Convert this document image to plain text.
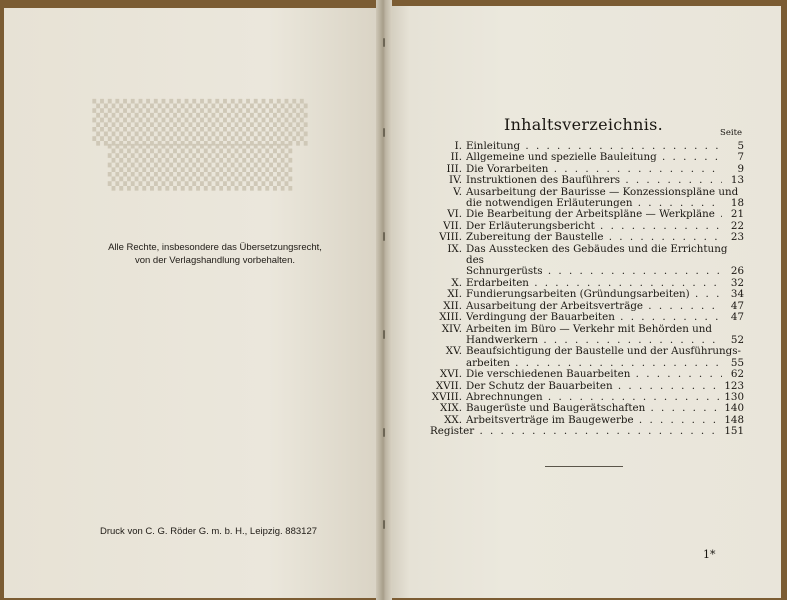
▒▒▒▒▒▒▒
▒▒▒▒▒▒
Alle Rechte, insbesondere das Übersetzungsrecht,
von der Verlagshandlung vorbehalten.
Druck von C. G. Röder G. m. b. H., Leipzig. 883127
Inhaltsverzeichnis.	Seite
I. Einleitung . . .	5
II. Allgemeine und spezielle Bauleitung . . .	7
III. Die Vorarbeiten . . .	9
IV. Instruktionen des Bauführers . . .	13
V. Ausarbeitung der Baurisse — Konzessionspläne und
die notwendigen Erläuterungen . . .	18
VI. Die Bearbeitung der Arbeitspläne — Werkpläne . . .	21
VII. Der Erläuterungsbericht . . .	22
VIII. Zubereitung der Baustelle . . .	23
IX. Das Ausstecken des Gebäudes und die Errichtung des
Schnurgerüsts . . .	26
X. Erdarbeiten . . .	32
XI. Fundierungsarbeiten (Gründungsarbeiten) . . .	34
XII. Ausarbeitung der Arbeitsverträge . . .	47
XIII. Verdingung der Bauarbeiten . . .	47
XIV. Arbeiten im Büro — Verkehr mit Behörden und
Handwerkern . . .	52
XV. Beaufsichtigung der Baustelle und der Ausführungs-
arbeiten . . .	55
XVI. Die verschiedenen Bauarbeiten . . .	62
XVII. Der Schutz der Bauarbeiten . . .	123
XVIII. Abrechnungen . . .	130
XIX. Baugerüste und Baugerätschaften . . .	140
XX. Arbeitsverträge im Baugewerbe . . .	148
Register . . .	151
1*
